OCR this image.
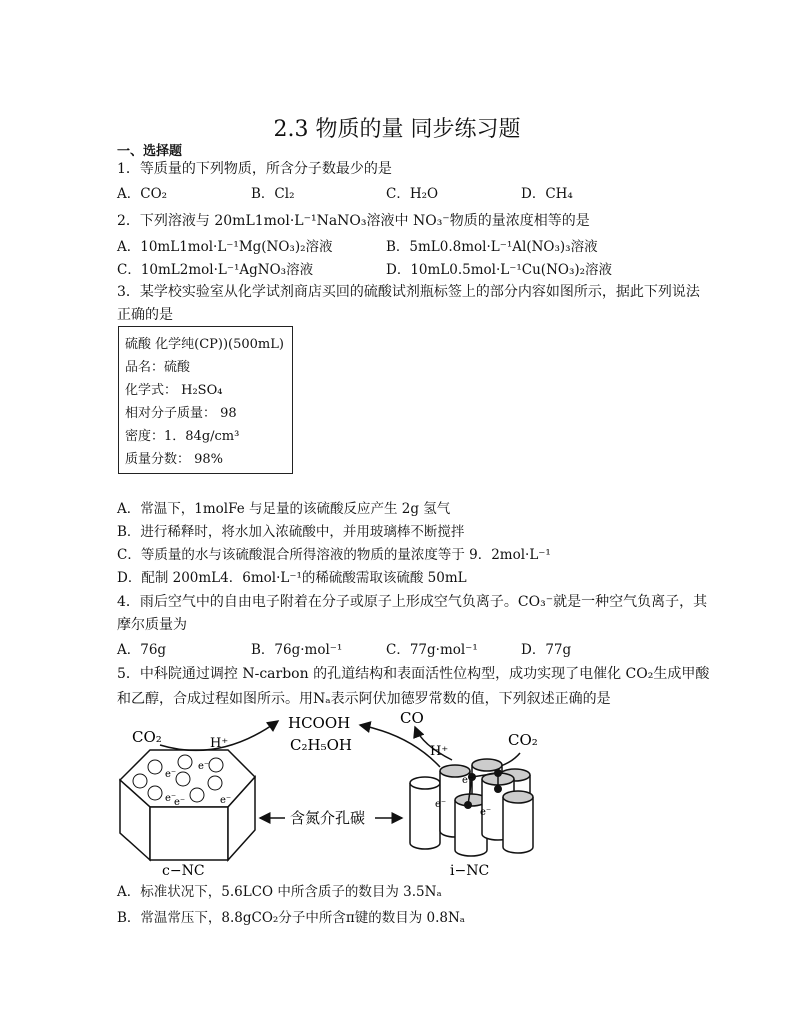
2.3 物质的量 同步练习题
一、选择题
1．等质量的下列物质，所含分子数最少的是
A．CO₂	B．Cl₂	C．H₂O	D．CH₄
2．下列溶液与 20mL1mol·L⁻¹NaNO₃溶液中 NO₃⁻物质的量浓度相等的是
A．10mL1mol·L⁻¹Mg(NO₃)₂溶液	B．5mL0.8mol·L⁻¹Al(NO₃)₃溶液
C．10mL2mol·L⁻¹AgNO₃溶液	D．10mL0.5mol·L⁻¹Cu(NO₃)₂溶液
3．某学校实验室从化学试剂商店买回的硫酸试剂瓶标签上的部分内容如图所示，据此下列说法
正确的是
硫酸 化学纯(CP))(500mL)
品名：硫酸
化学式： H₂SO₄
相对分子质量： 98
密度：1．84g/cm³
质量分数： 98%
A．常温下，1molFe 与足量的该硫酸反应产生 2g 氢气
B．进行稀释时，将水加入浓硫酸中，并用玻璃棒不断搅拌
C．等质量的水与该硫酸混合所得溶液的物质的量浓度等于 9．2mol·L⁻¹
D．配制 200mL4．6mol·L⁻¹的稀硫酸需取该硫酸 50mL
4．雨后空气中的自由电子附着在分子或原子上形成空气负离子。CO₃⁻就是一种空气负离子，其
摩尔质量为
A．76g	B．76g·mol⁻¹	C．77g·mol⁻¹	D．77g
5．中科院通过调控 N-carbon 的孔道结构和表面活性位构型，成功实现了电催化 CO₂生成甲酸
和乙醇，合成过程如图所示。用Nₐ表示阿伏加德罗常数的值，下列叙述正确的是
e⁻
e⁻
e⁻	e⁻
e⁻
CO₂	H⁺
HCOOH
C₂H₅OH
CO
H⁺
CO₂
e⁻
e⁻
e⁻
含氮介孔碳
c−NC	i−NC
A．标准状况下，5.6LCO 中所含质子的数目为 3.5Nₐ
B．常温常压下，8.8gCO₂分子中所含π键的数目为 0.8Nₐ
